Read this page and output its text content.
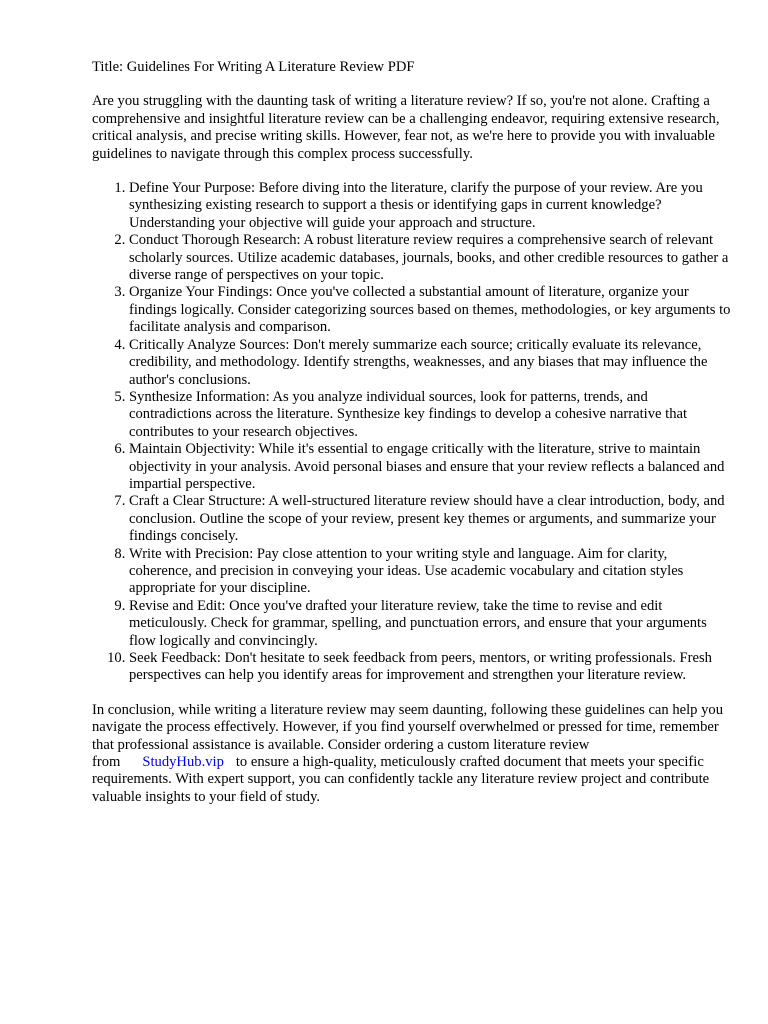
Title: Guidelines For Writing A Literature Review PDF

Are you struggling with the daunting task of writing a literature review? If so, you're not alone. Crafting a comprehensive and insightful literature review can be a challenging endeavor, requiring extensive research, critical analysis, and precise writing skills. However, fear not, as we're here to provide you with invaluable guidelines to navigate through this complex process successfully.

1. Define Your Purpose: Before diving into the literature, clarify the purpose of your review. Are you synthesizing existing research to support a thesis or identifying gaps in current knowledge? Understanding your objective will guide your approach and structure.
2. Conduct Thorough Research: A robust literature review requires a comprehensive search of relevant scholarly sources. Utilize academic databases, journals, books, and other credible resources to gather a diverse range of perspectives on your topic.
3. Organize Your Findings: Once you've collected a substantial amount of literature, organize your findings logically. Consider categorizing sources based on themes, methodologies, or key arguments to facilitate analysis and comparison.
4. Critically Analyze Sources: Don't merely summarize each source; critically evaluate its relevance, credibility, and methodology. Identify strengths, weaknesses, and any biases that may influence the author's conclusions.
5. Synthesize Information: As you analyze individual sources, look for patterns, trends, and contradictions across the literature. Synthesize key findings to develop a cohesive narrative that contributes to your research objectives.
6. Maintain Objectivity: While it's essential to engage critically with the literature, strive to maintain objectivity in your analysis. Avoid personal biases and ensure that your review reflects a balanced and impartial perspective.
7. Craft a Clear Structure: A well-structured literature review should have a clear introduction, body, and conclusion. Outline the scope of your review, present key themes or arguments, and summarize your findings concisely.
8. Write with Precision: Pay close attention to your writing style and language. Aim for clarity, coherence, and precision in conveying your ideas. Use academic vocabulary and citation styles appropriate for your discipline.
9. Revise and Edit: Once you've drafted your literature review, take the time to revise and edit meticulously. Check for grammar, spelling, and punctuation errors, and ensure that your arguments flow logically and convincingly.
10. Seek Feedback: Don't hesitate to seek feedback from peers, mentors, or writing professionals. Fresh perspectives can help you identify areas for improvement and strengthen your literature review.

In conclusion, while writing a literature review may seem daunting, following these guidelines can help you navigate the process effectively. However, if you find yourself overwhelmed or pressed for time, remember that professional assistance is available. Consider ordering a custom literature review from StudyHub.vip to ensure a high-quality, meticulously crafted document that meets your specific requirements. With expert support, you can confidently tackle any literature review project and contribute valuable insights to your field of study.
